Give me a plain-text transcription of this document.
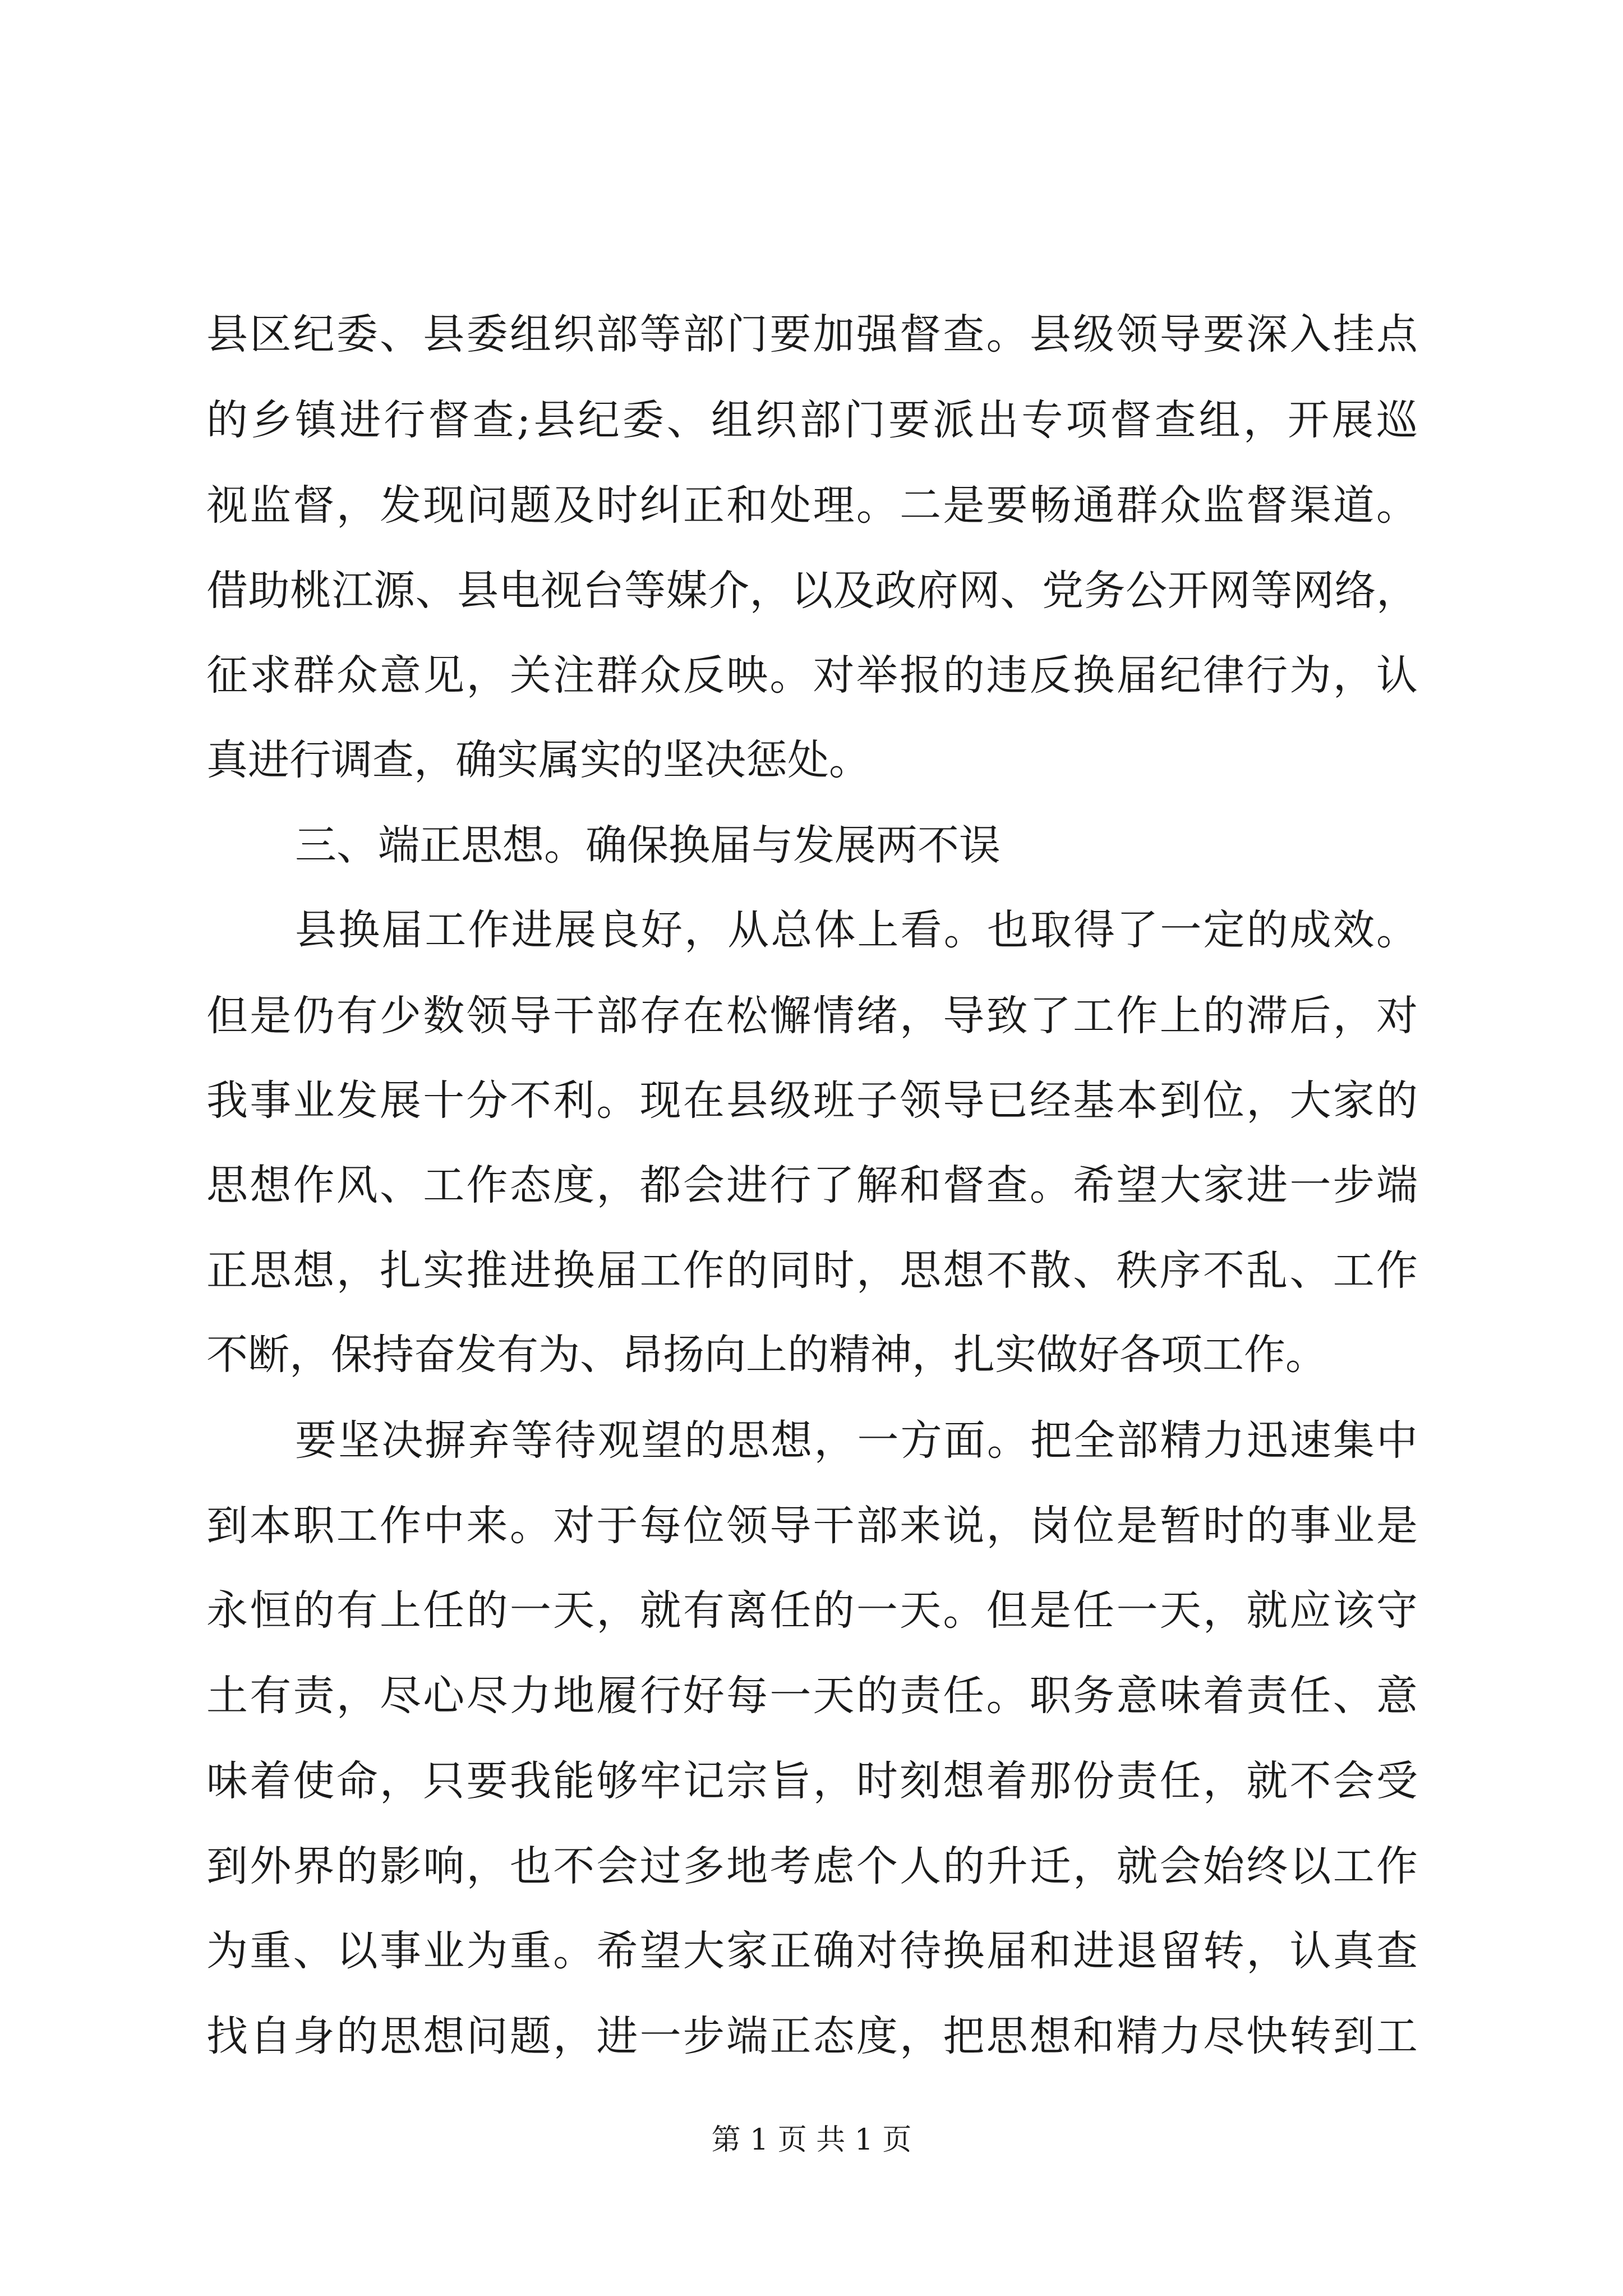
县区纪委、县委组织部等部门要加强督查。县级领导要深入挂点
的乡镇进行督查;县纪委、组织部门要派出专项督查组，开展巡
视监督，发现问题及时纠正和处理。二是要畅通群众监督渠道。
借助桃江源、县电视台等媒介，以及政府网、党务公开网等网络，
征求群众意见，关注群众反映。对举报的违反换届纪律行为，认
真进行调查，确实属实的坚决惩处。
三、端正思想。确保换届与发展两不误
县换届工作进展良好，从总体上看。也取得了一定的成效。
但是仍有少数领导干部存在松懈情绪，导致了工作上的滞后，对
我事业发展十分不利。现在县级班子领导已经基本到位，大家的
思想作风、工作态度，都会进行了解和督查。希望大家进一步端
正思想，扎实推进换届工作的同时，思想不散、秩序不乱、工作
不断，保持奋发有为、昂扬向上的精神，扎实做好各项工作。
要坚决摒弃等待观望的思想，一方面。把全部精力迅速集中
到本职工作中来。对于每位领导干部来说，岗位是暂时的事业是
永恒的有上任的一天，就有离任的一天。但是任一天，就应该守
土有责，尽心尽力地履行好每一天的责任。职务意味着责任、意
味着使命，只要我能够牢记宗旨，时刻想着那份责任，就不会受
到外界的影响，也不会过多地考虑个人的升迁，就会始终以工作
为重、以事业为重。希望大家正确对待换届和进退留转，认真查
找自身的思想问题，进一步端正态度，把思想和精力尽快转到工
第 1 页 共 1 页
